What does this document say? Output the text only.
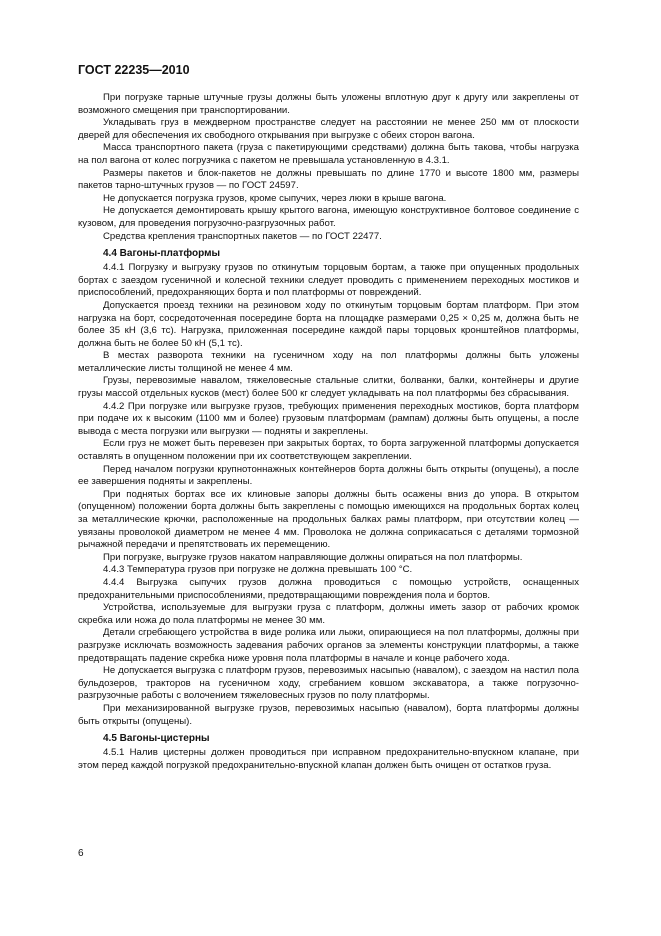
ГОСТ 22235—2010

При погрузке тарные штучные грузы должны быть уложены вплотную друг к другу или закреплены от возможного смещения при транспортировании.

Укладывать груз в междверном пространстве следует на расстоянии не менее 250 мм от плоскости дверей для обеспечения их свободного открывания при выгрузке с обеих сторон вагона.

Масса транспортного пакета (груза с пакетирующими средствами) должна быть такова, чтобы нагрузка на пол вагона от колес погрузчика с пакетом не превышала установленную в 4.3.1.

Размеры пакетов и блок-пакетов не должны превышать по длине 1770 и высоте 1800 мм, размеры пакетов тарно-штучных грузов — по ГОСТ 24597.

Не допускается погрузка грузов, кроме сыпучих, через люки в крыше вагона.

Не допускается демонтировать крышу крытого вагона, имеющую конструктивное болтовое соединение с кузовом, для проведения погрузочно-разгрузочных работ.

Средства крепления транспортных пакетов — по ГОСТ 22477.

4.4 Вагоны-платформы

4.4.1 Погрузку и выгрузку грузов по откинутым торцовым бортам, а также при опущенных продольных бортах с заездом гусеничной и колесной техники следует проводить с применением переходных мостиков и приспособлений, предохраняющих борта и пол платформы от повреждений.

Допускается проезд техники на резиновом ходу по откинутым торцовым бортам платформ. При этом нагрузка на борт, сосредоточенная посередине борта на площадке размерами 0,25 × 0,25 м, должна быть не более 35 кН (3,6 тс). Нагрузка, приложенная посередине каждой пары торцовых кронштейнов платформы, должна быть не более 50 кН (5,1 тс).

В местах разворота техники на гусеничном ходу на пол платформы должны быть уложены металлические листы толщиной не менее 4 мм.

Грузы, перевозимые навалом, тяжеловесные стальные слитки, болванки, балки, контейнеры и другие грузы массой отдельных кусков (мест) более 500 кг следует укладывать на пол платформы без сбрасывания.

4.4.2 При погрузке или выгрузке грузов, требующих применения переходных мостиков, борта платформ при подаче их к высоким (1100 мм и более) грузовым платформам (рампам) должны быть опущены, а после вывода с места погрузки или выгрузки — подняты и закреплены.

Если груз не может быть перевезен при закрытых бортах, то борта загруженной платформы допускается оставлять в опущенном положении при их соответствующем закреплении.

Перед началом погрузки крупнотоннажных контейнеров борта должны быть открыты (опущены), а после ее завершения подняты и закреплены.

При поднятых бортах все их клиновые запоры должны быть осажены вниз до упора. В открытом (опущенном) положении борта должны быть закреплены с помощью имеющихся на продольных бортах колец за металлические крючки, расположенные на продольных балках рамы платформ, при отсутствии колец — увязаны проволокой диаметром не менее 4 мм. Проволока не должна соприкасаться с деталями тормозной рычажной передачи и препятствовать их перемещению.

При погрузке, выгрузке грузов накатом направляющие должны опираться на пол платформы.

4.4.3 Температура грузов при погрузке не должна превышать 100 °С.

4.4.4 Выгрузка сыпучих грузов должна проводиться с помощью устройств, оснащенных предохранительными приспособлениями, предотвращающими повреждения пола и бортов.

Устройства, используемые для выгрузки груза с платформ, должны иметь зазор от рабочих кромок скребка или ножа до пола платформы не менее 30 мм.

Детали сгребающего устройства в виде ролика или лыжи, опирающиеся на пол платформы, должны при разгрузке исключать возможность задевания рабочих органов за элементы конструкции платформы, а также предотвращать падение скребка ниже уровня пола платформы в начале и конце рабочего хода.

Не допускается выгрузка с платформ грузов, перевозимых насыпью (навалом), с заездом на настил пола бульдозеров, тракторов на гусеничном ходу, сгребанием ковшом экскаватора, а также погрузочно-разгрузочные работы с волочением тяжеловесных грузов по полу платформы.

При механизированной выгрузке грузов, перевозимых насыпью (навалом), борта платформы должны быть открыты (опущены).

4.5 Вагоны-цистерны

4.5.1 Налив цистерны должен проводиться при исправном предохранительно-впускном клапане, при этом перед каждой погрузкой предохранительно-впускной клапан должен быть очищен от остатков груза.

6
